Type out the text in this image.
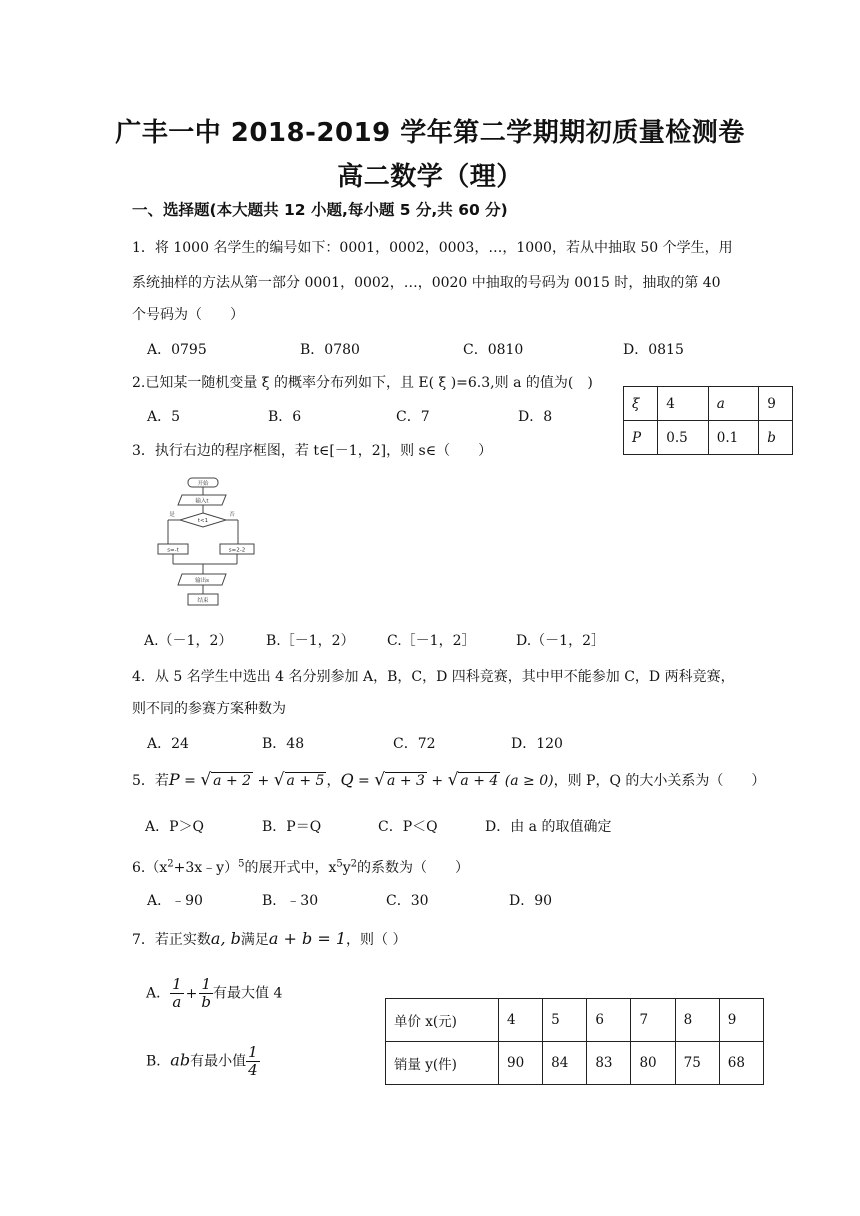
广丰一中 2018-2019 学年第二学期期初质量检测卷
高二数学（理）
一、选择题(本大题共 12 小题,每小题 5 分,共 60 分)
1．将 1000 名学生的编号如下：0001，0002，0003，…，1000，若从中抽取 50 个学生，用
系统抽样的方法从第一部分 0001，0002，…，0020 中抽取的号码为 0015 时，抽取的第 40
个号码为（　　）
A．0795	B．0780	C．0810	D．0815
2.已知某一随机变量 ξ 的概率分布列如下，且 E( ξ )=6.3,则 a 的值为(　)
A．5	B．6	C．7	D．8
ξ	4	a	9
P	0.5	0.1	b
3．执行右边的程序框图，若 t∈[－1，2]，则 s∈（　　）
开始
输入t
t<1
是	否
s=-t	s=2-2
输出s
结束
A.（－1，2） B.［－1，2） C.［－1，2］	D.（－1，2］
4．从 5 名学生中选出 4 名分别参加 A，B，C，D 四科竞赛，其中甲不能参加 C，D 两科竞赛，
则不同的参赛方案种数为
A．24	B．48	C．72	D．120
5．若P = √ a + 2 + √ a + 5 ，Q = √ a + 3 + √ a + 4 (a ≥ 0)，则 P，Q 的大小关系为（　　）
A．P＞Q	B．P＝Q	C．P＜Q	D．由 a 的取值确定
$6.(x^2+3x﹣y)^5$的展开式中，$x^5y^2$的系数为（　　）
A．﹣90	B．﹣30	C．30	D．90
7．若正实数a, b满足a + b = 1，则（ ）
A． $\frac{1}{a} + \frac{1}{b}$ 有最大值 4
B．ab有最小值 $\frac{1}{4}$
单价 x(元)	4	5	6	7	8	9
销量 y(件)	90	84	83	80	75	68
